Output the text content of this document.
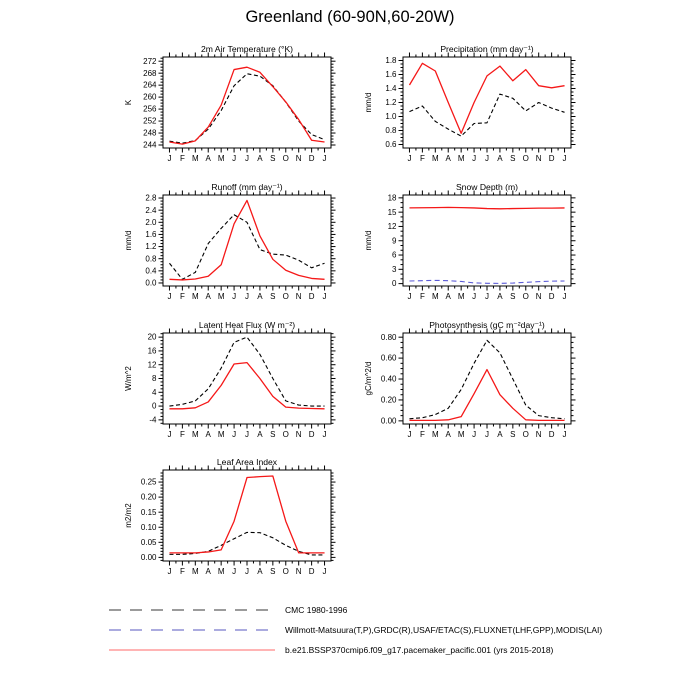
Greenland (60-90N,60-20W)
2m Air Temperature (°K)
K
J F M A M J J A S O N D J
244
248
252
256
260
264
268
272
Precipitation (mm day⁻¹)
mm/d
J F M A M J J A S O N D J
0.6
0.8
1.0
1.2
1.4
1.6
1.8
Runoff (mm day⁻¹)
mm/d
J F M A M J J A S O N D J
0.0
0.4
0.8
1.2
1.6
2.0
2.4
2.8
Snow Depth (m)
mm/d
J F M A M J J A S O N D J
0
3
6
9
12
15
18
Latent Heat Flux (W m⁻²)
W/m^2
J F M A M J J A S O N D J
-4
0
4
8
12
16
20
Photosynthesis (gC m⁻²day⁻¹)
gC/m^2/d
J F M A M J J A S O N D J
0.00
0.20
0.40
0.60
0.80
Leaf Area Index
m2/m2
J F M A M J J A S O N D J
0.00
0.05
0.10
0.15
0.20
0.25
CMC 1980-1996
Willmott-Matsuura(T,P),GRDC(R),USAF/ETAC(S),FLUXNET(LHF,GPP),MODIS(LAI)
b.e21.BSSP370cmip6.f09_g17.pacemaker_pacific.001 (yrs 2015-2018)
